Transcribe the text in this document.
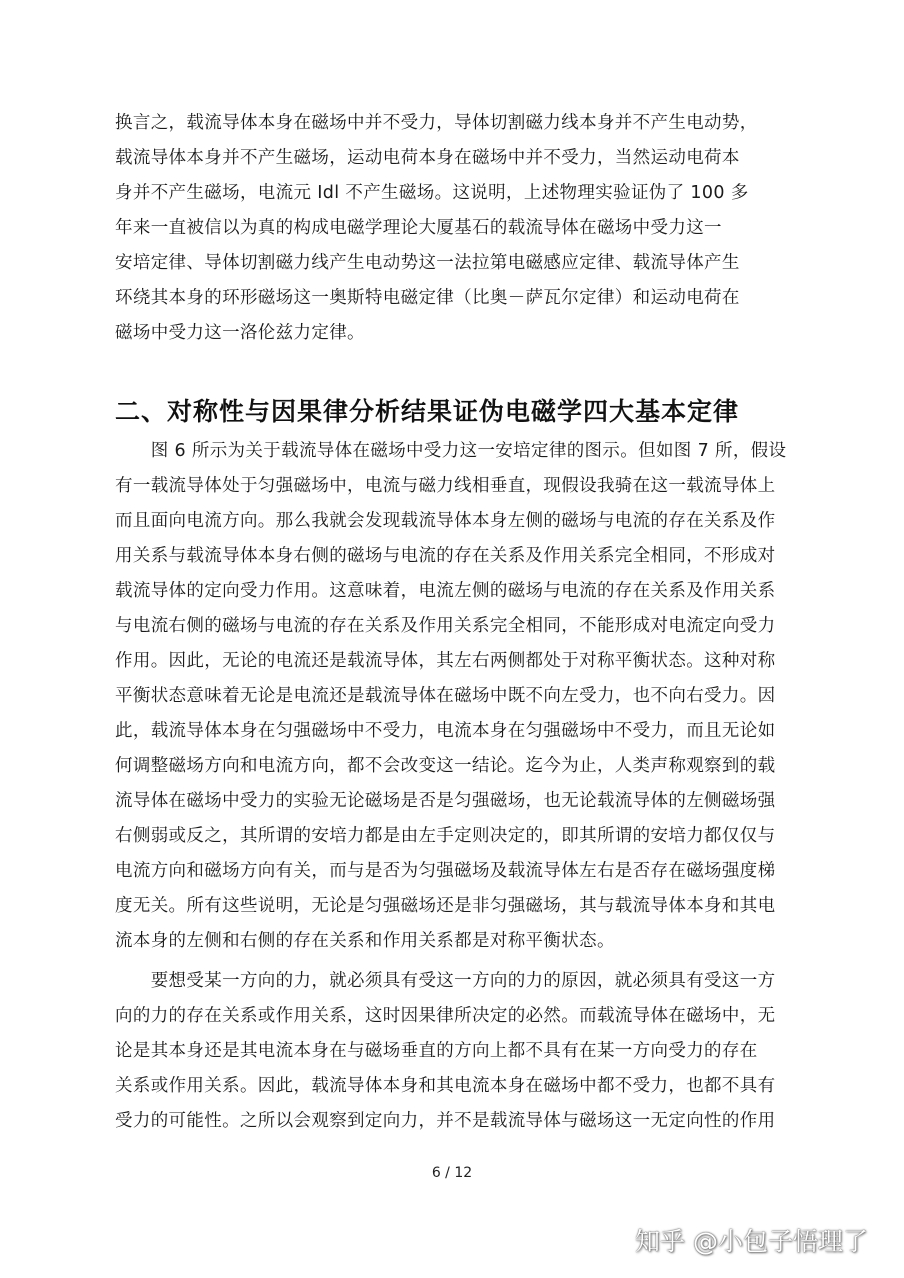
换言之，载流导体本身在磁场中并不受力，导体切割磁力线本身并不产生电动势，
载流导体本身并不产生磁场，运动电荷本身在磁场中并不受力，当然运动电荷本
身并不产生磁场，电流元 Idl 不产生磁场。这说明，上述物理实验证伪了 100 多
年来一直被信以为真的构成电磁学理论大厦基石的载流导体在磁场中受力这一
安培定律、导体切割磁力线产生电动势这一法拉第电磁感应定律、载流导体产生
环绕其本身的环形磁场这一奥斯特电磁定律（比奥－萨瓦尔定律）和运动电荷在
磁场中受力这一洛伦兹力定律。
二、对称性与因果律分析结果证伪电磁学四大基本定律
　　图 6 所示为关于载流导体在磁场中受力这一安培定律的图示。但如图 7 所，假设
有一载流导体处于匀强磁场中，电流与磁力线相垂直，现假设我骑在这一载流导体上
而且面向电流方向。那么我就会发现载流导体本身左侧的磁场与电流的存在关系及作
用关系与载流导体本身右侧的磁场与电流的存在关系及作用关系完全相同，不形成对
载流导体的定向受力作用。这意味着，电流左侧的磁场与电流的存在关系及作用关系
与电流右侧的磁场与电流的存在关系及作用关系完全相同，不能形成对电流定向受力
作用。因此，无论的电流还是载流导体，其左右两侧都处于对称平衡状态。这种对称
平衡状态意味着无论是电流还是载流导体在磁场中既不向左受力，也不向右受力。因
此，载流导体本身在匀强磁场中不受力，电流本身在匀强磁场中不受力，而且无论如
何调整磁场方向和电流方向，都不会改变这一结论。迄今为止，人类声称观察到的载
流导体在磁场中受力的实验无论磁场是否是匀强磁场，也无论载流导体的左侧磁场强
右侧弱或反之，其所谓的安培力都是由左手定则决定的，即其所谓的安培力都仅仅与
电流方向和磁场方向有关，而与是否为匀强磁场及载流导体左右是否存在磁场强度梯
度无关。所有这些说明，无论是匀强磁场还是非匀强磁场，其与载流导体本身和其电
流本身的左侧和右侧的存在关系和作用关系都是对称平衡状态。
　　要想受某一方向的力，就必须具有受这一方向的力的原因，就必须具有受这一方
向的力的存在关系或作用关系，这时因果律所决定的必然。而载流导体在磁场中，无
论是其本身还是其电流本身在与磁场垂直的方向上都不具有在某一方向受力的存在
关系或作用关系。因此，载流导体本身和其电流本身在磁场中都不受力，也都不具有
受力的可能性。之所以会观察到定向力，并不是载流导体与磁场这一无定向性的作用
6 / 12
知乎 @小包子悟理了
